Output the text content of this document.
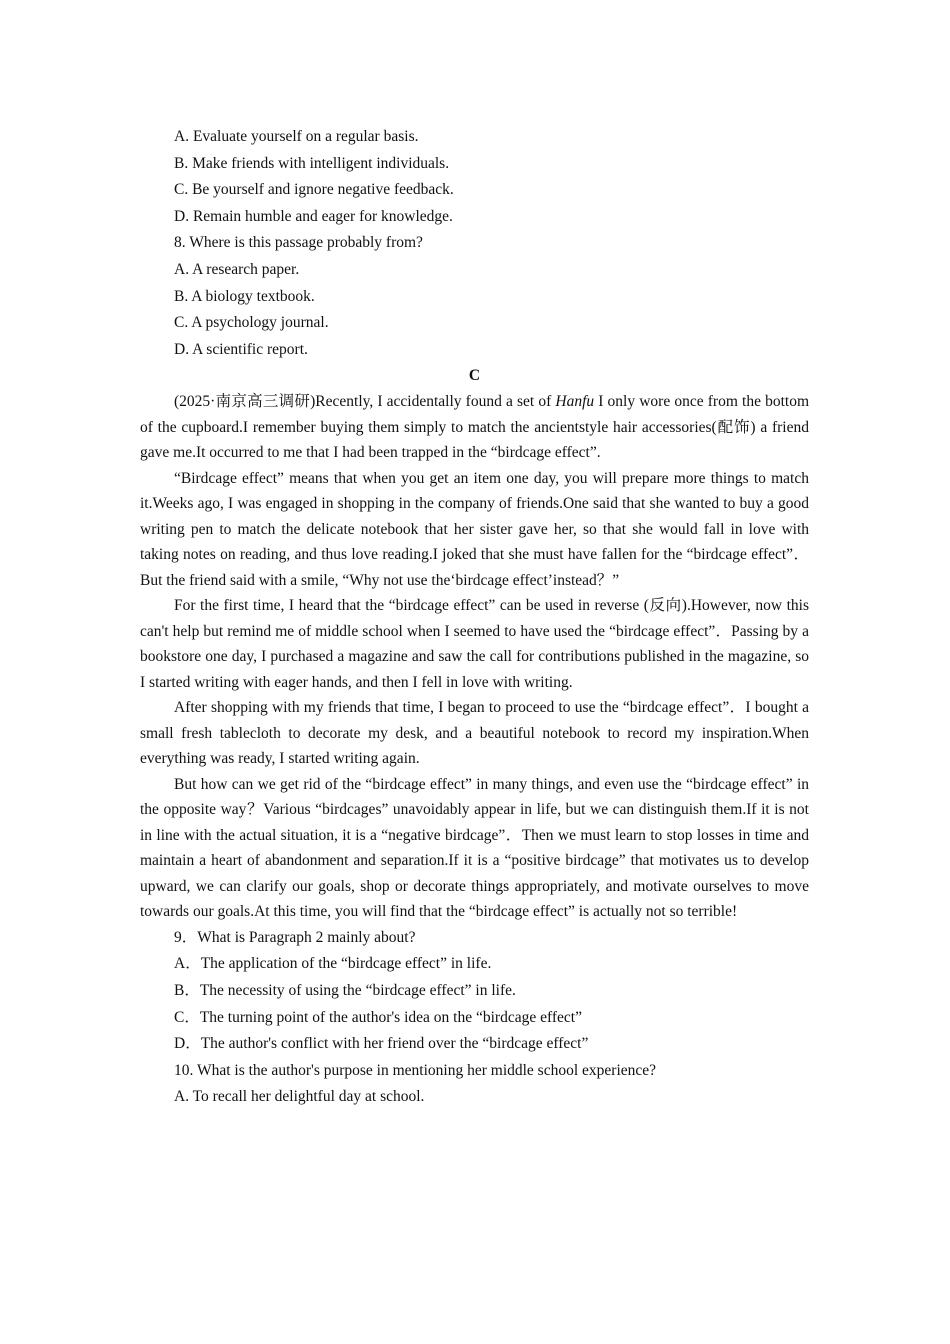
A. Evaluate yourself on a regular basis.
B. Make friends with intelligent individuals.
C. Be yourself and ignore negative feedback.
D. Remain humble and eager for knowledge.
8. Where is this passage probably from?
A. A research paper.
B. A biology textbook.
C. A psychology journal.
D. A scientific report.
C

(2025·南京高三调研)Recently, I accidentally found a set of Hanfu I only wore once from the bottom of the cupboard.I remember buying them simply to match the ancientstyle hair accessories(配饰) a friend gave me.It occurred to me that I had been trapped in the “birdcage effect”.

“Birdcage effect” means that when you get an item one day, you will prepare more things to match it.Weeks ago, I was engaged in shopping in the company of friends.One said that she wanted to buy a good writing pen to match the delicate notebook that her sister gave her, so that she would fall in love with taking notes on reading, and thus love reading.I joked that she must have fallen for the “birdcage effect”．But the friend said with a smile, “Why not use the‘birdcage effect’instead？”

For the first time, I heard that the “birdcage effect” can be used in reverse (反向).However, now this can't help but remind me of middle school when I seemed to have used the “birdcage effect”．Passing by a bookstore one day, I purchased a magazine and saw the call for contributions published in the magazine, so I started writing with eager hands, and then I fell in love with writing.

After shopping with my friends that time, I began to proceed to use the “birdcage effect”．I bought a small fresh tablecloth to decorate my desk, and a beautiful notebook to record my inspiration.When everything was ready, I started writing again.

But how can we get rid of the “birdcage effect” in many things, and even use the “birdcage effect” in the opposite way？Various “birdcages” unavoidably appear in life, but we can distinguish them.If it is not in line with the actual situation, it is a “negative birdcage”．Then we must learn to stop losses in time and maintain a heart of abandonment and separation.If it is a “positive birdcage” that motivates us to develop upward, we can clarify our goals, shop or decorate things appropriately, and motivate ourselves to move towards our goals.At this time, you will find that the “birdcage effect” is actually not so terrible!

9．What is Paragraph 2 mainly about?
A．The application of the “birdcage effect” in life.
B．The necessity of using the “birdcage effect” in life.
C．The turning point of the author's idea on the “birdcage effect”
D．The author's conflict with her friend over the “birdcage effect”
10. What is the author's purpose in mentioning her middle school experience?
A. To recall her delightful day at school.
